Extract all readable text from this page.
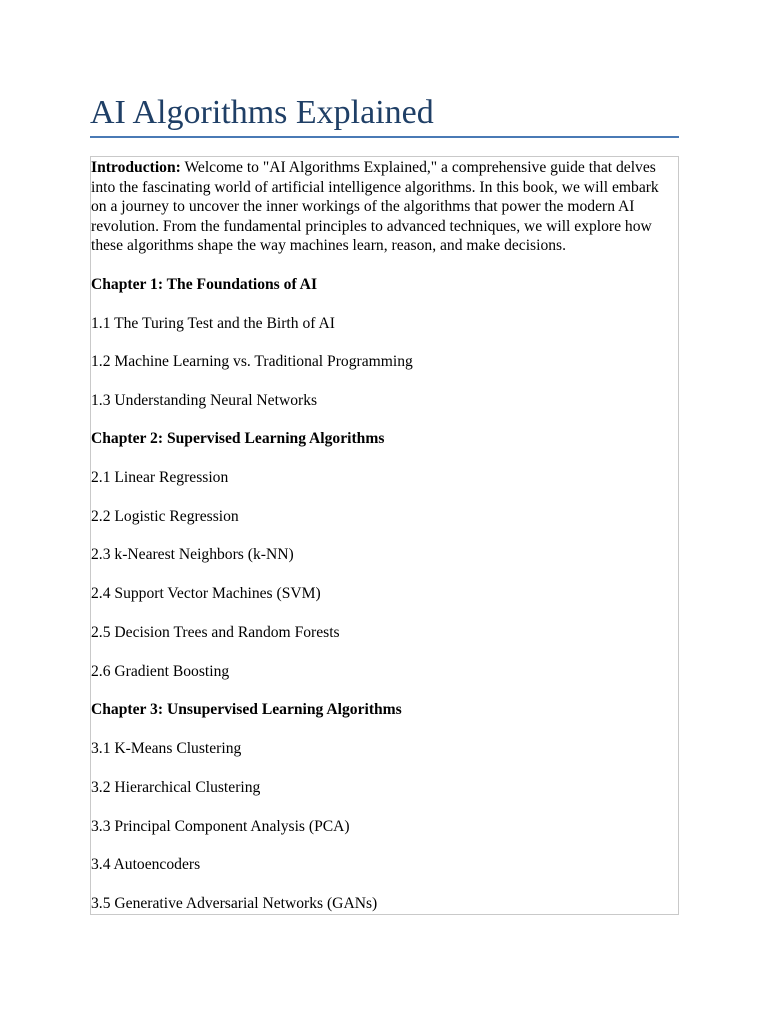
AI Algorithms Explained

Introduction: Welcome to "AI Algorithms Explained," a comprehensive guide that delves into the fascinating world of artificial intelligence algorithms. In this book, we will embark on a journey to uncover the inner workings of the algorithms that power the modern AI revolution. From the fundamental principles to advanced techniques, we will explore how these algorithms shape the way machines learn, reason, and make decisions.

Chapter 1: The Foundations of AI

1.1 The Turing Test and the Birth of AI

1.2 Machine Learning vs. Traditional Programming

1.3 Understanding Neural Networks

Chapter 2: Supervised Learning Algorithms

2.1 Linear Regression

2.2 Logistic Regression

2.3 k-Nearest Neighbors (k-NN)

2.4 Support Vector Machines (SVM)

2.5 Decision Trees and Random Forests

2.6 Gradient Boosting

Chapter 3: Unsupervised Learning Algorithms

3.1 K-Means Clustering

3.2 Hierarchical Clustering

3.3 Principal Component Analysis (PCA)

3.4 Autoencoders

3.5 Generative Adversarial Networks (GANs)
